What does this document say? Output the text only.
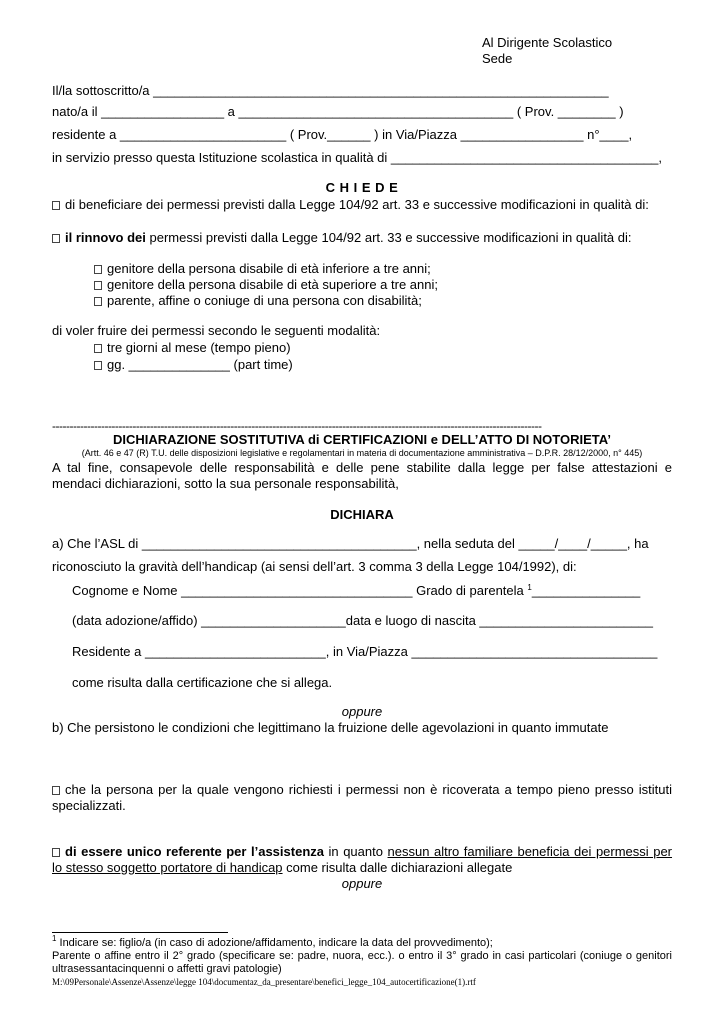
Al Dirigente Scolastico
Sede
Il/la sottoscritto/a _______________________________________________________________
nato/a il _________________ a ______________________________________ ( Prov. ________ )
residente a _______________________ ( Prov.______ ) in Via/Piazza _________________ n°____,
in servizio presso questa Istituzione scolastica in qualità di _____________________________________,
C H I E D E
di beneficiare dei permessi previsti dalla Legge 104/92 art. 33 e successive modificazioni in qualità di:
il rinnovo dei permessi previsti dalla Legge 104/92 art. 33 e successive modificazioni in qualità di:
genitore della persona disabile di età inferiore a tre anni;
genitore della persona disabile di età superiore a tre anni;
parente, affine o coniuge di una persona con disabilità;
di voler fruire dei permessi secondo le seguenti modalità:
tre giorni al mese (tempo pieno)
gg. ______________ (part time)
--------------------------------------------------------------------------------------------------------------------------------------------
DICHIARAZIONE SOSTITUTIVA di CERTIFICAZIONI e DELL’ATTO DI NOTORIETA’
(Artt. 46 e 47 (R) T.U. delle disposizioni legislative e regolamentari in materia di documentazione amministrativa – D.P.R. 28/12/2000, n° 445)
A tal fine, consapevole delle responsabilità e delle pene stabilite dalla legge per false attestazioni e mendaci dichiarazioni, sotto la sua personale responsabilità,
DICHIARA
a) Che l’ASL di ______________________________________, nella seduta del _____/____/_____, ha
riconosciuto la gravità dell’handicap (ai sensi dell’art. 3 comma 3 della Legge 104/1992), di:
Cognome e Nome ________________________________ Grado di parentela $^1$_______________
(data adozione/affido) ____________________data e luogo di nascita ________________________
Residente a _________________________, in Via/Piazza __________________________________
come risulta dalla certificazione che si allega.
oppure
b) Che persistono le condizioni che legittimano la fruizione delle agevolazioni in quanto immutate
che la persona per la quale vengono richiesti i permessi non è ricoverata a tempo pieno presso istituti specializzati.
di essere unico referente per l’assistenza in quanto nessun altro familiare beneficia dei permessi per lo stesso soggetto portatore di handicap come risulta dalle dichiarazioni allegate
oppure
$^1$ Indicare se: figlio/a (in caso di adozione/affidamento, indicare la data del provvedimento);
Parente o affine entro il 2° grado (specificare se: padre, nuora, ecc.). o entro il 3° grado in casi particolari (coniuge o genitori ultrasessantacinquenni o affetti gravi patologie)
M:\09Personale\Assenze\Assenze\legge 104\documentaz_da_presentare\benefici_legge_104_autocertificazione(1).rtf
